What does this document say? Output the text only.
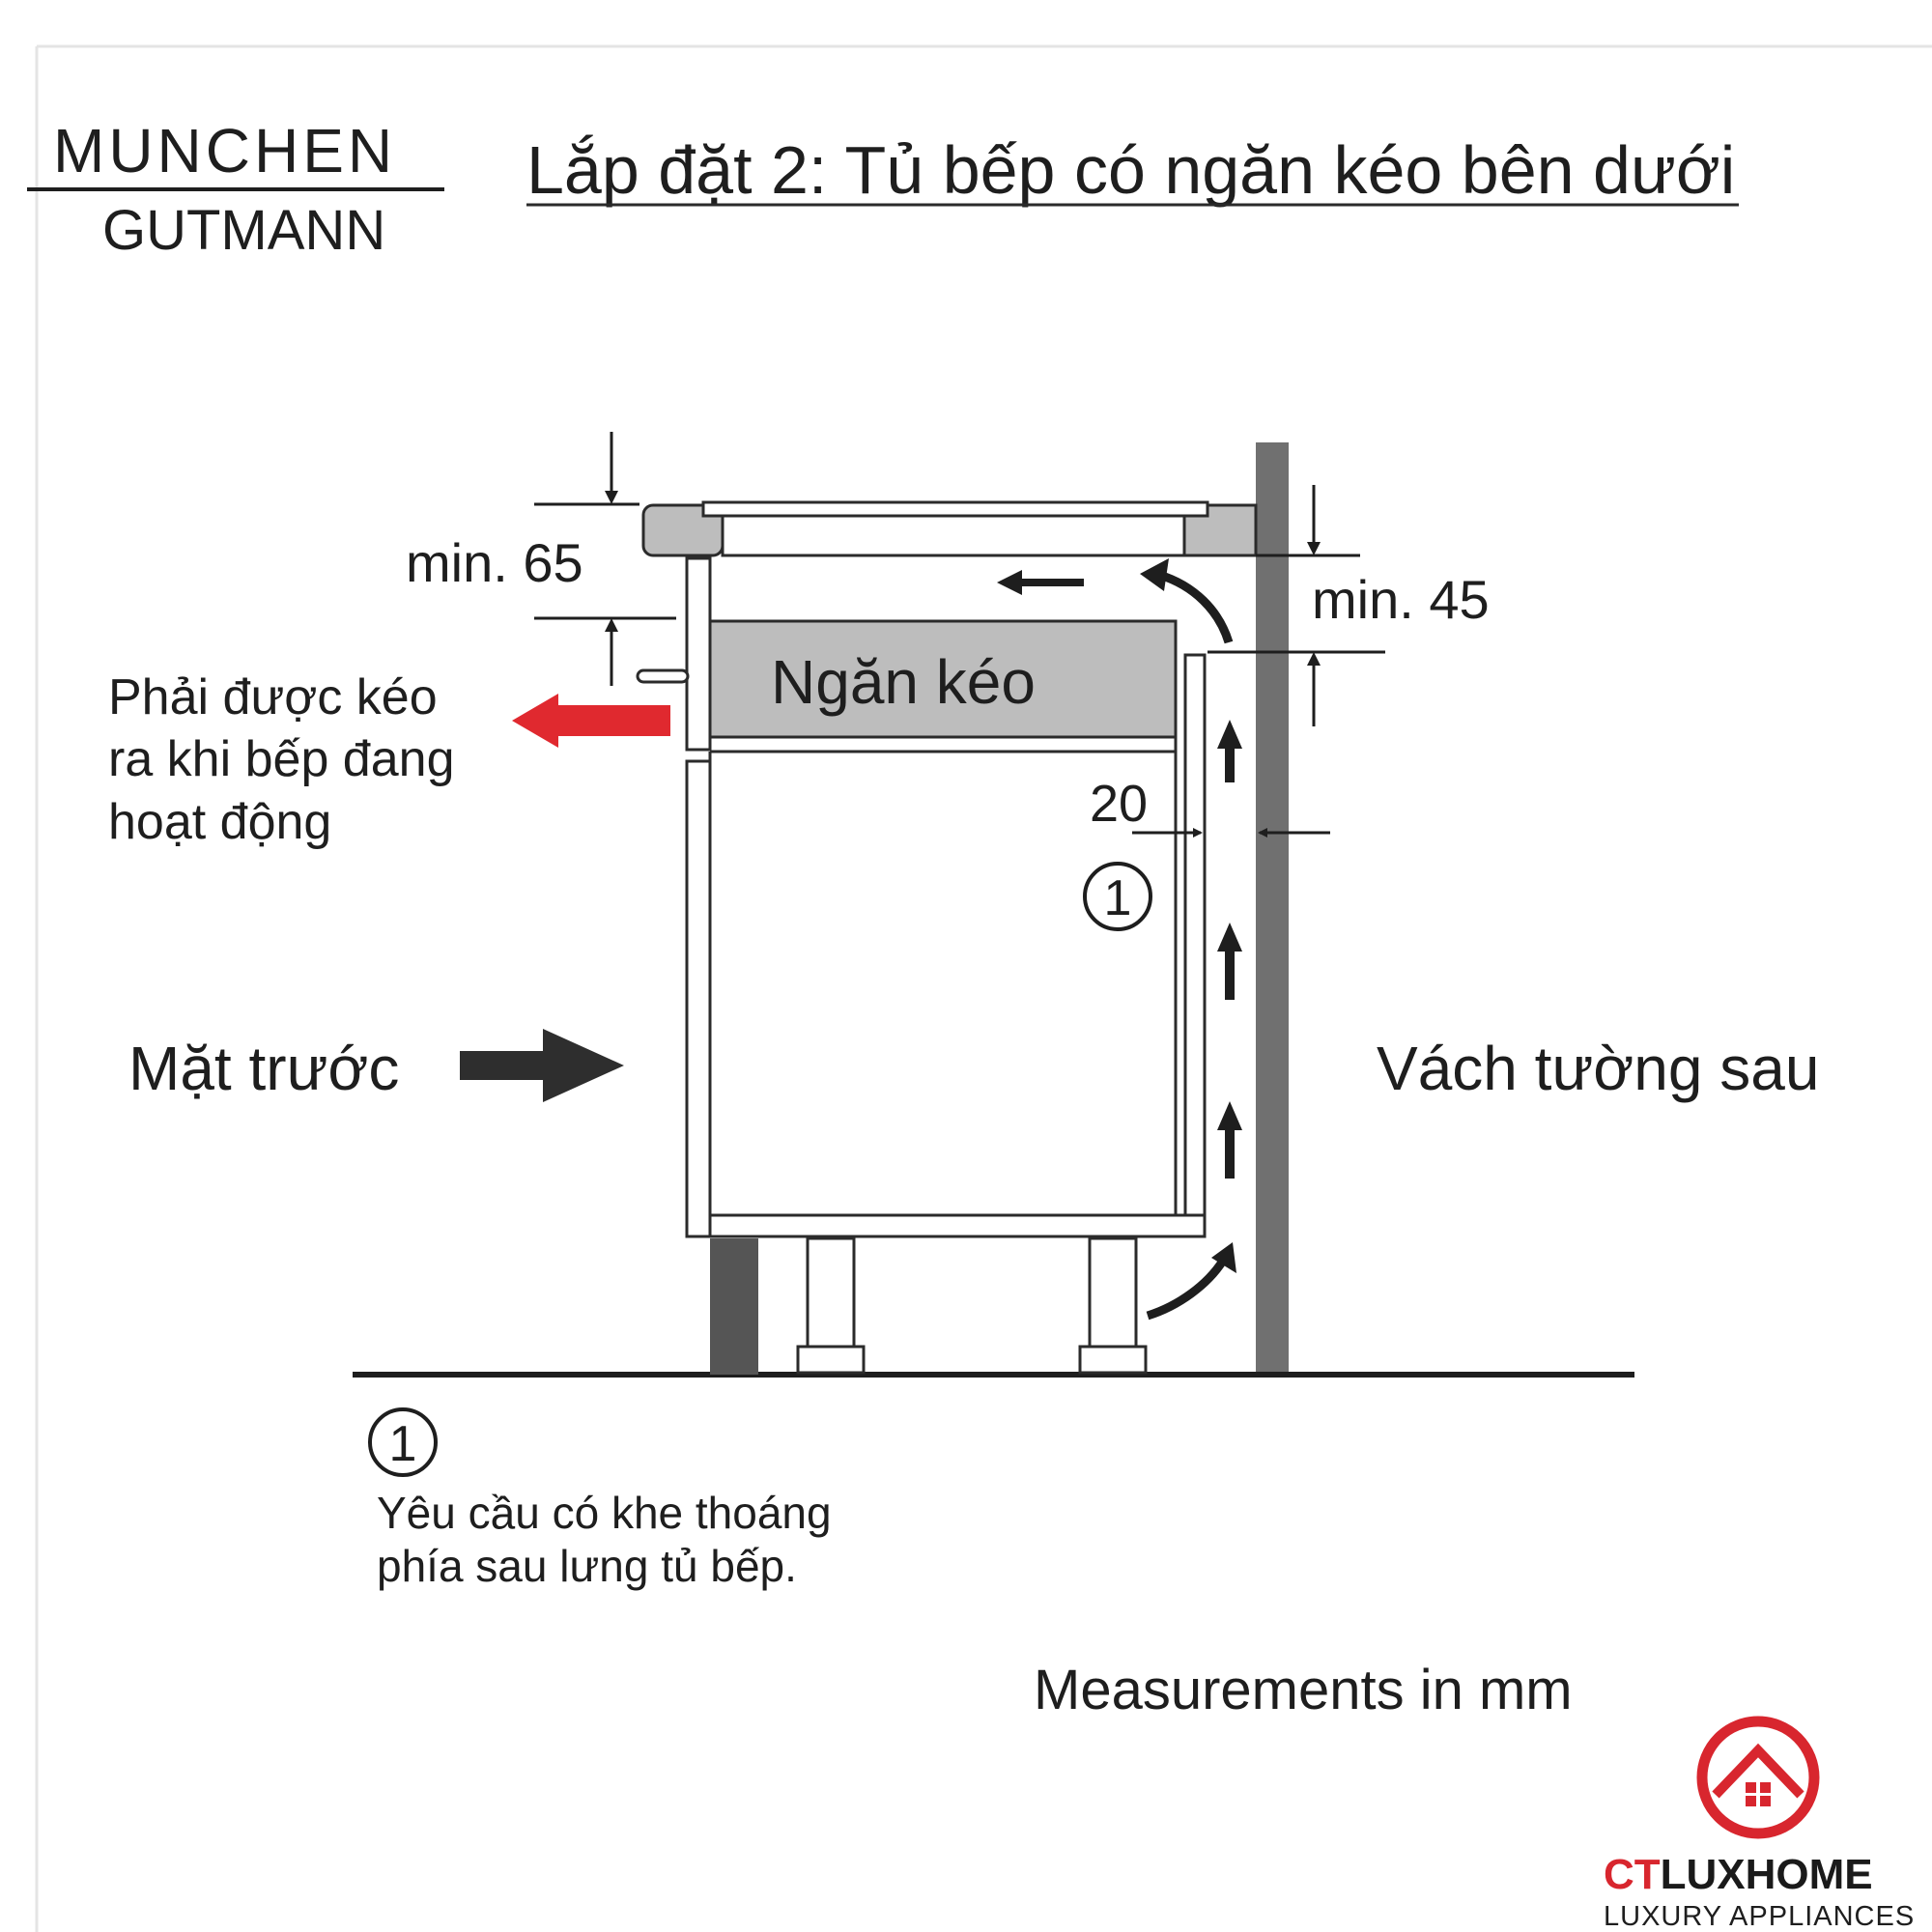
MUNCHEN
GUTMANN
Lắp đặt 2: Tủ bếp có ngăn kéo bên dưới
Ngăn kéo
min. 65
min. 45
20
1
Phải được kéo
ra khi bếp đang
hoạt động
Mặt trước	Vách tường sau
1
Yêu cầu có khe thoáng
phía sau lưng tủ bếp.
Measurements in mm
CTLUXHOME
LUXURY APPLIANCES
